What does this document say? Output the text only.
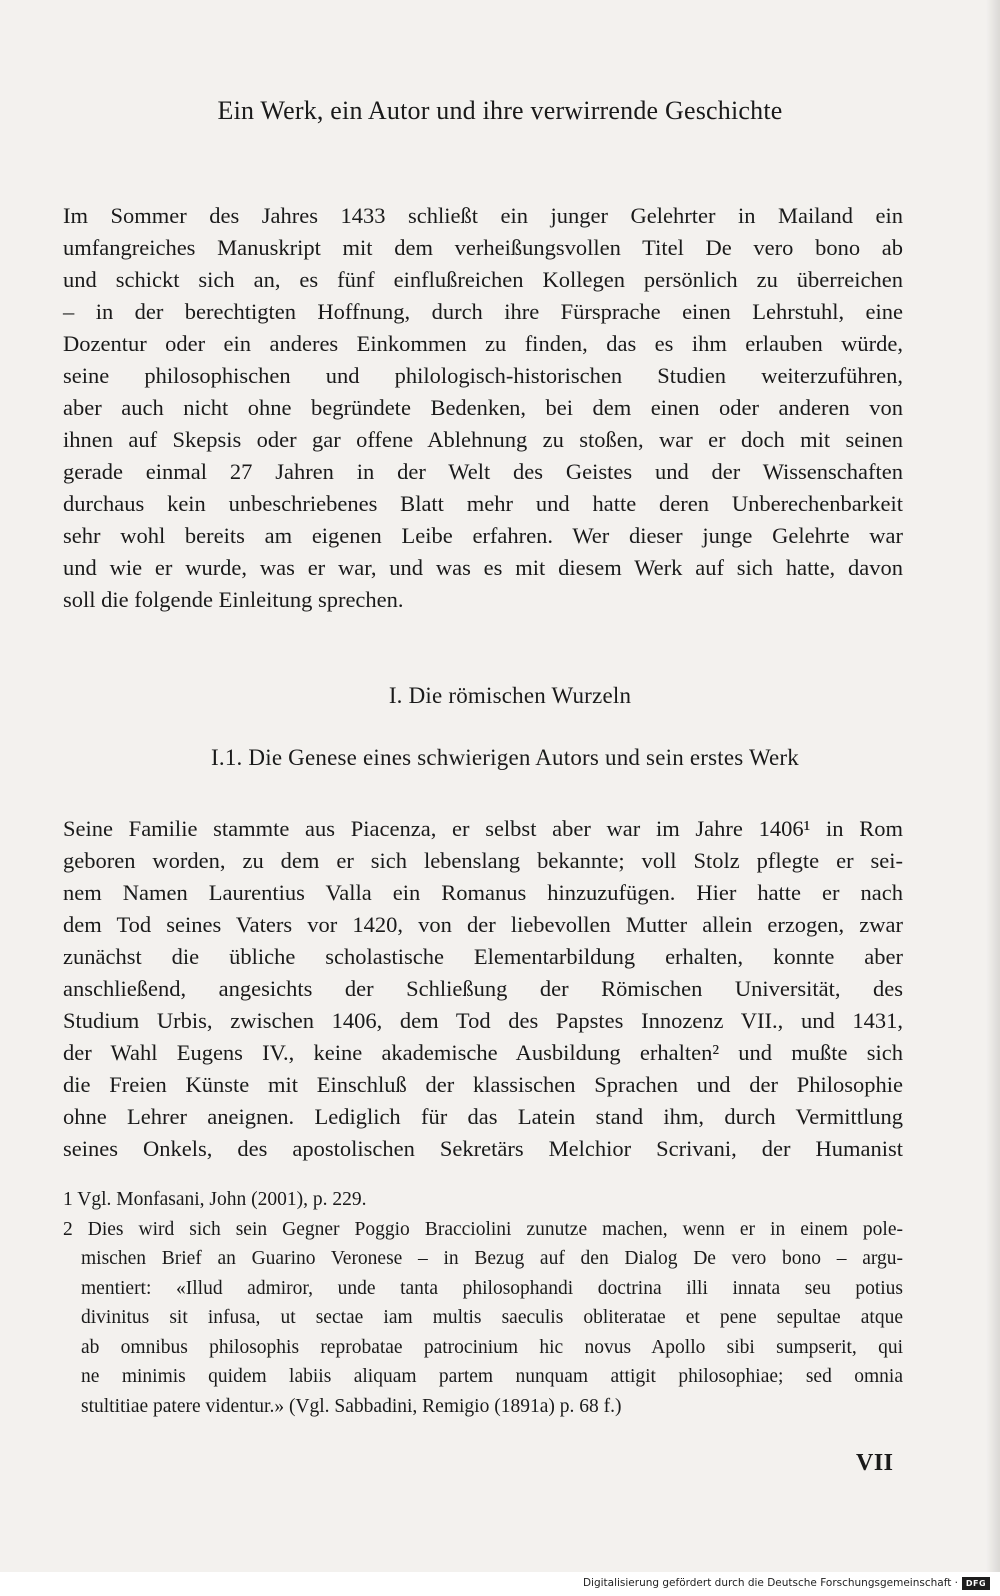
Ein Werk, ein Autor und ihre verwirrende Geschichte
Im Sommer des Jahres 1433 schließt ein junger Gelehrter in Mailand ein
umfangreiches Manuskript mit dem verheißungsvollen Titel De vero bono ab
und schickt sich an, es fünf einflußreichen Kollegen persönlich zu überreichen
– in der berechtigten Hoffnung, durch ihre Fürsprache einen Lehrstuhl, eine
Dozentur oder ein anderes Einkommen zu finden, das es ihm erlauben würde,
seine philosophischen und philologisch-historischen Studien weiterzuführen,
aber auch nicht ohne begründete Bedenken, bei dem einen oder anderen von
ihnen auf Skepsis oder gar offene Ablehnung zu stoßen, war er doch mit seinen
gerade einmal 27 Jahren in der Welt des Geistes und der Wissenschaften
durchaus kein unbeschriebenes Blatt mehr und hatte deren Unberechenbarkeit
sehr wohl bereits am eigenen Leibe erfahren. Wer dieser junge Gelehrte war
und wie er wurde, was er war, und was es mit diesem Werk auf sich hatte, davon
soll die folgende Einleitung sprechen.
I. Die römischen Wurzeln
I.1. Die Genese eines schwierigen Autors und sein erstes Werk
Seine Familie stammte aus Piacenza, er selbst aber war im Jahre 1406¹ in Rom
geboren worden, zu dem er sich lebenslang bekannte; voll Stolz pflegte er sei-
nem Namen Laurentius Valla ein Romanus hinzuzufügen. Hier hatte er nach
dem Tod seines Vaters vor 1420, von der liebevollen Mutter allein erzogen, zwar
zunächst die übliche scholastische Elementarbildung erhalten, konnte aber
anschließend, angesichts der Schließung der Römischen Universität, des
Studium Urbis, zwischen 1406, dem Tod des Papstes Innozenz VII., und 1431,
der Wahl Eugens IV., keine akademische Ausbildung erhalten² und mußte sich
die Freien Künste mit Einschluß der klassischen Sprachen und der Philosophie
ohne Lehrer aneignen. Lediglich für das Latein stand ihm, durch Vermittlung
seines Onkels, des apostolischen Sekretärs Melchior Scrivani, der Humanist
1 Vgl. Monfasani, John (2001), p. 229.
2 Dies wird sich sein Gegner Poggio Bracciolini zunutze machen, wenn er in einem pole-
mischen Brief an Guarino Veronese – in Bezug auf den Dialog De vero bono – argu-
mentiert: «Illud admiror, unde tanta philosophandi doctrina illi innata seu potius
divinitus sit infusa, ut sectae iam multis saeculis obliteratae et pene sepultae atque
ab omnibus philosophis reprobatae patrocinium hic novus Apollo sibi sumpserit, qui
ne minimis quidem labiis aliquam partem nunquam attigit philosophiae; sed omnia
stultitiae patere videntur.» (Vgl. Sabbadini, Remigio (1891a) p. 68 f.)
VII
Digitalisierung gefördert durch die Deutsche Forschungsgemeinschaft · DFG
